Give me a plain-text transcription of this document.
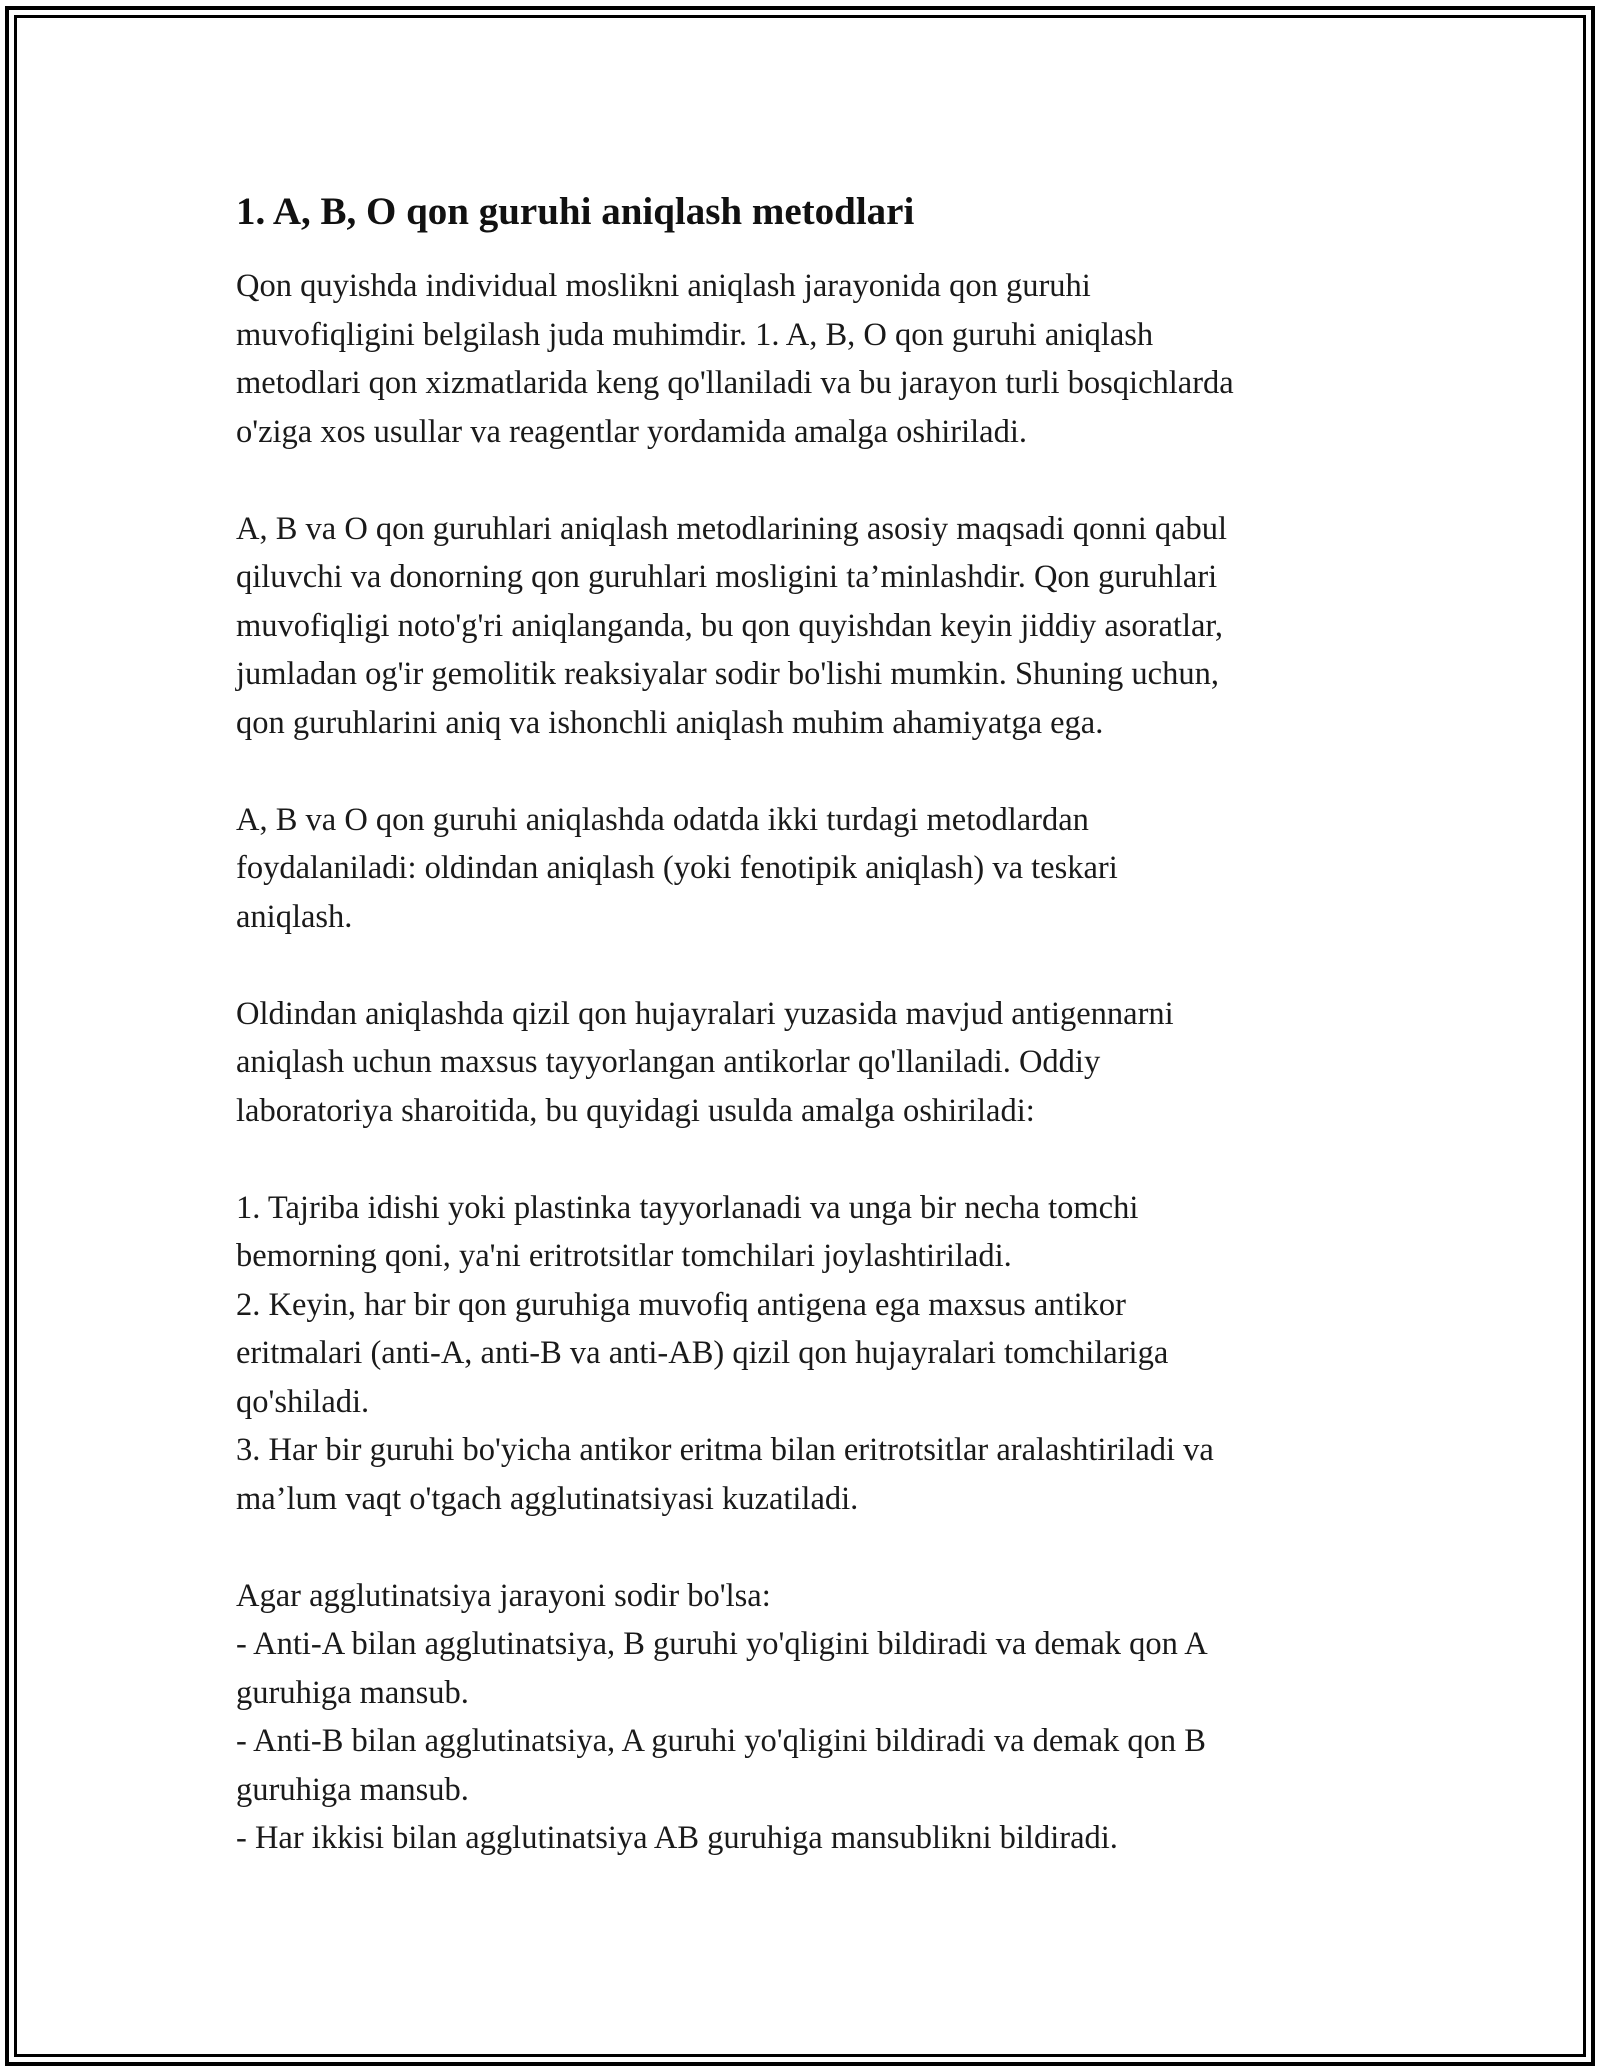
1. A, B, O qon guruhi aniqlash metodlari

Qon quyishda individual moslikni aniqlash jarayonida qon guruhi
muvofiqligini belgilash juda muhimdir. 1. A, B, O qon guruhi aniqlash
metodlari qon xizmatlarida keng qo'llaniladi va bu jarayon turli bosqichlarda
o'ziga xos usullar va reagentlar yordamida amalga oshiriladi.

A, B va O qon guruhlari aniqlash metodlarining asosiy maqsadi qonni qabul
qiluvchi va donorning qon guruhlari mosligini ta’minlashdir. Qon guruhlari
muvofiqligi noto'g'ri aniqlanganda, bu qon quyishdan keyin jiddiy asoratlar,
jumladan og'ir gemolitik reaksiyalar sodir bo'lishi mumkin. Shuning uchun,
qon guruhlarini aniq va ishonchli aniqlash muhim ahamiyatga ega.

A, B va O qon guruhi aniqlashda odatda ikki turdagi metodlardan
foydalaniladi: oldindan aniqlash (yoki fenotipik aniqlash) va teskari
aniqlash.

Oldindan aniqlashda qizil qon hujayralari yuzasida mavjud antigennarni
aniqlash uchun maxsus tayyorlangan antikorlar qo'llaniladi. Oddiy
laboratoriya sharoitida, bu quyidagi usulda amalga oshiriladi:

1. Tajriba idishi yoki plastinka tayyorlanadi va unga bir necha tomchi
bemorning qoni, ya'ni eritrotsitlar tomchilari joylashtiriladi.
2. Keyin, har bir qon guruhiga muvofiq antigena ega maxsus antikor
eritmalari (anti-A, anti-B va anti-AB) qizil qon hujayralari tomchilariga
qo'shiladi.
3. Har bir guruhi bo'yicha antikor eritma bilan eritrotsitlar aralashtiriladi va
ma’lum vaqt o'tgach agglutinatsiyasi kuzatiladi.
Agar agglutinatsiya jarayoni sodir bo'lsa:
- Anti-A bilan agglutinatsiya, B guruhi yo'qligini bildiradi va demak qon A
guruhiga mansub.
- Anti-B bilan agglutinatsiya, A guruhi yo'qligini bildiradi va demak qon B
guruhiga mansub.
- Har ikkisi bilan agglutinatsiya AB guruhiga mansublikni bildiradi.
